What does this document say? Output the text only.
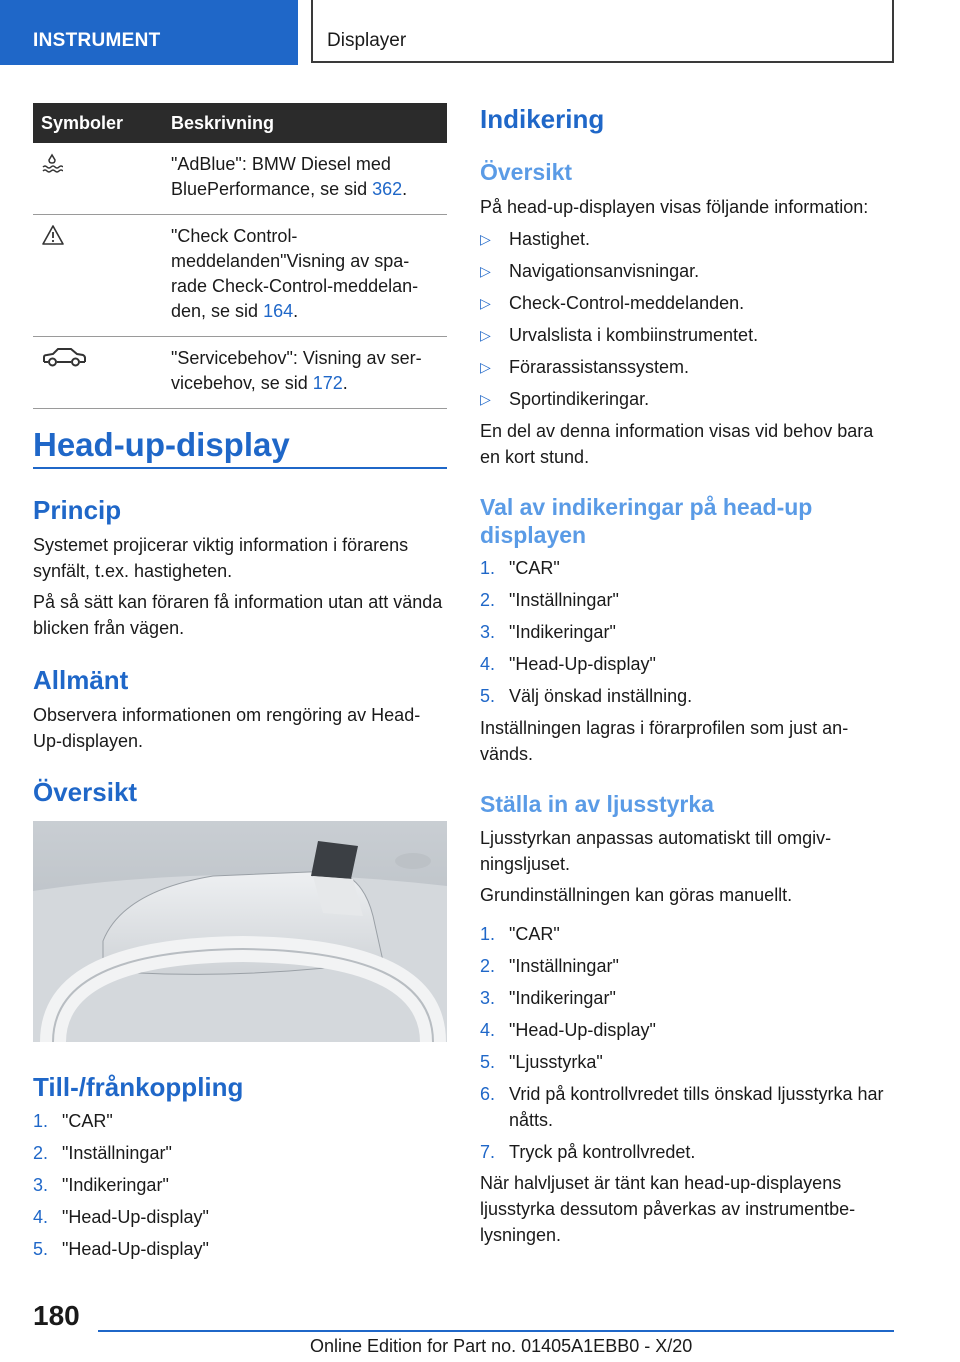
INSTRUMENT	Displayer
Symboler	Beskrivning
	"AdBlue": BMW Diesel med BluePerformance, se sid 362.
	"Check Control-meddelanden"Visning av spa-rade Check-Control-meddelan-den, se sid 164.
	"Servicebehov": Visning av ser-vicebehov, se sid 172.
Head-up-display
Princip

Systemet projicerar viktig information i förarens synfält, t.ex. hastigheten.

På så sätt kan föraren få information utan att vända blicken från vägen.

Allmänt

Observera informationen om rengöring av Head-Up-displayen.

Översikt
Till-/frånkoppling
1. "CAR"
2. "Inställningar"
3. "Indikeringar"
4. "Head-Up-display"
5. "Head-Up-display"
Indikering
Översikt

På head-up-displayen visas följande information:

▷ Hastighet.
▷ Navigationsanvisningar.
▷ Check-Control-meddelanden.
▷ Urvalslista i kombiinstrumentet.
▷ Förarassistanssystem.
▷ Sportindikeringar.

En del av denna information visas vid behov bara en kort stund.

Val av indikeringar på head-up displayen
1. "CAR"
2. "Inställningar"
3. "Indikeringar"
4. "Head-Up-display"
5. Välj önskad inställning.

Inställningen lagras i förarprofilen som just an-vänds.

Ställa in av ljusstyrka

Ljusstyrkan anpassas automatiskt till omgiv-ningsljuset.

Grundinställningen kan göras manuellt.

1. "CAR"
2. "Inställningar"
3. "Indikeringar"
4. "Head-Up-display"
5. "Ljusstyrka"
6. Vrid på kontrollvredet tills önskad ljusstyrka har nåtts.
7. Tryck på kontrollvredet.

När halvljuset är tänt kan head-up-displayens ljusstyrka dessutom påverkas av instrumentbe-lysningen.

180
Online Edition for Part no. 01405A1EBB0 - X/20
